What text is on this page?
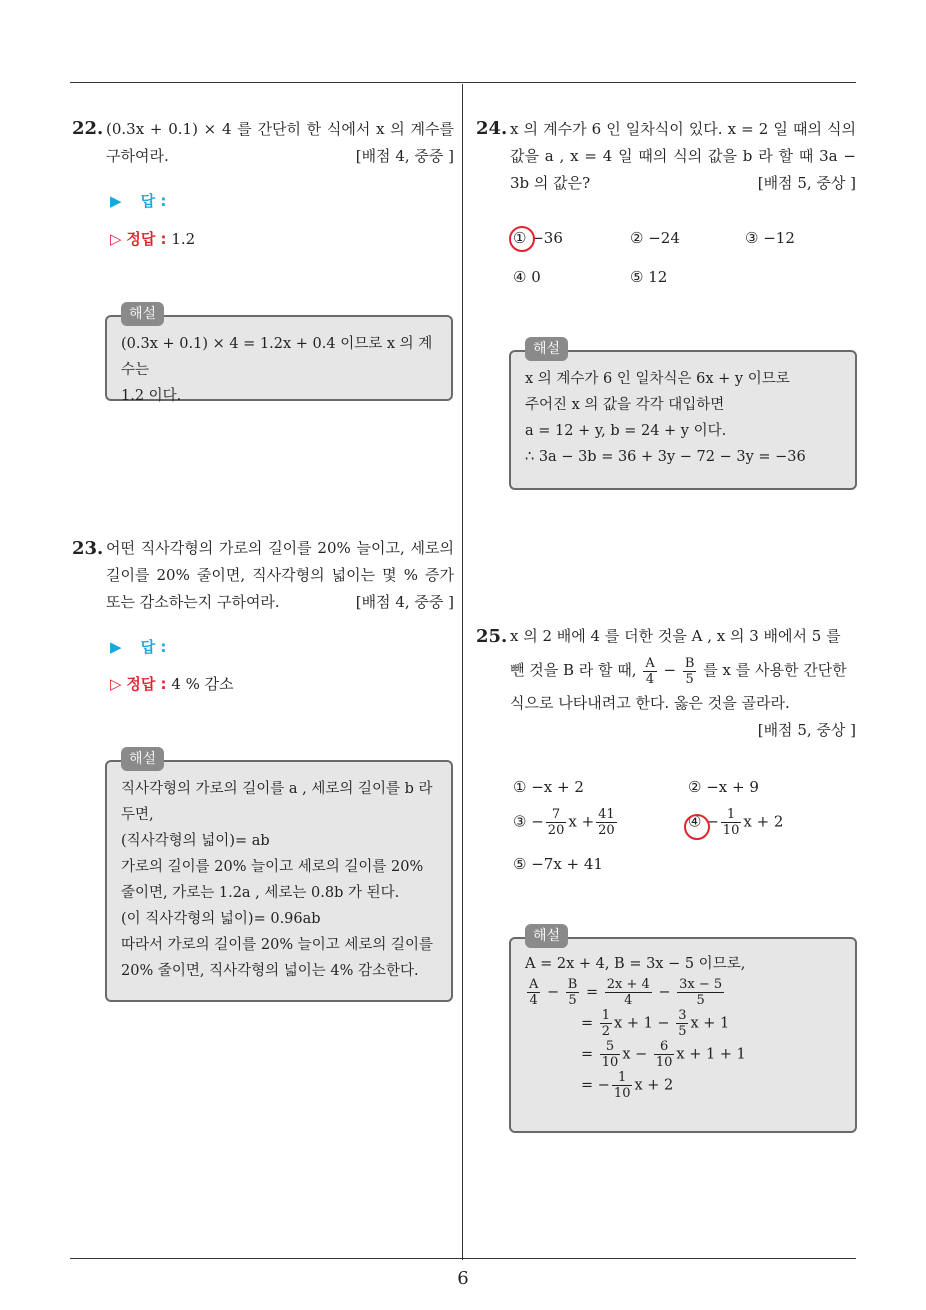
6
22. (0.3x + 0.1) × 4 를 간단히 한 식에서 x 의 계수를 구하여라.	[배점 4, 중중 ]
▶ 답 :
▷ 정답 : 1.2
해설
(0.3x + 0.1) × 4 = 1.2x + 0.4 이므로 x 의 계수는
1.2 이다.
23. 어떤 직사각형의 가로의 길이를 20% 늘이고, 세로의 길이를 20% 줄이면, 직사각형의 넓이는 몇 % 증가 또는 감소하는지 구하여라.	[배점 4, 중중 ]
▶ 답 :
▷ 정답 : 4 % 감소
해설
직사각형의 가로의 길이를 a , 세로의 길이를 b 라
두면,
(직사각형의 넓이)= ab
가로의 길이를 20% 늘이고 세로의 길이를 20%
줄이면, 가로는 1.2a , 세로는 0.8b 가 된다.
(이 직사각형의 넓이)= 0.96ab
따라서 가로의 길이를 20% 늘이고 세로의 길이를
20% 줄이면, 직사각형의 넓이는 4% 감소한다.
24. x 의 계수가 6 인 일차식이 있다. x = 2 일 때의 식의 값을 a , x = 4 일 때의 식의 값을 b 라 할 때 3a − 3b 의 값은?	[배점 5, 중상 ]
① −36	② −24	③ −12
④ 0	⑤ 12
해설
x 의 계수가 6 인 일차식은 6x + y 이므로
주어진 x 의 값을 각각 대입하면
a = 12 + y, b = 24 + y 이다.
∴ 3a − 3b = 36 + 3y − 72 − 3y = −36
25. x 의 2 배에 4 를 더한 것을 A , x 의 3 배에서 5 를
뺀 것을 B 라 할 때, $\frac{A}{4} - \frac{B}{5}$ 를 x 를 사용한 간단한
식으로 나타내려고 한다. 옳은 것을 골라라.
[배점 5, 중상 ]
① −x + 2	② −x + 9
③ − $\frac{7}{20}$ $x + \frac{41}{20}$	④ − $\frac{1}{10}$ x + 2
⑤ −7x + 41
해설
A = 2x + 4, B = 3x − 5 이므로,
$\frac{A}{4} - \frac{B}{5} = \frac{2x + 4}{4} - \frac{3x - 5}{5}$
= $\frac{1}{2}$ $x + 1 - \frac{3}{5}$ x + 1
= $\frac{5}{10}$ $x - \frac{6}{10}$ x + 1 + 1
= − $\frac{1}{10}$ x + 2
